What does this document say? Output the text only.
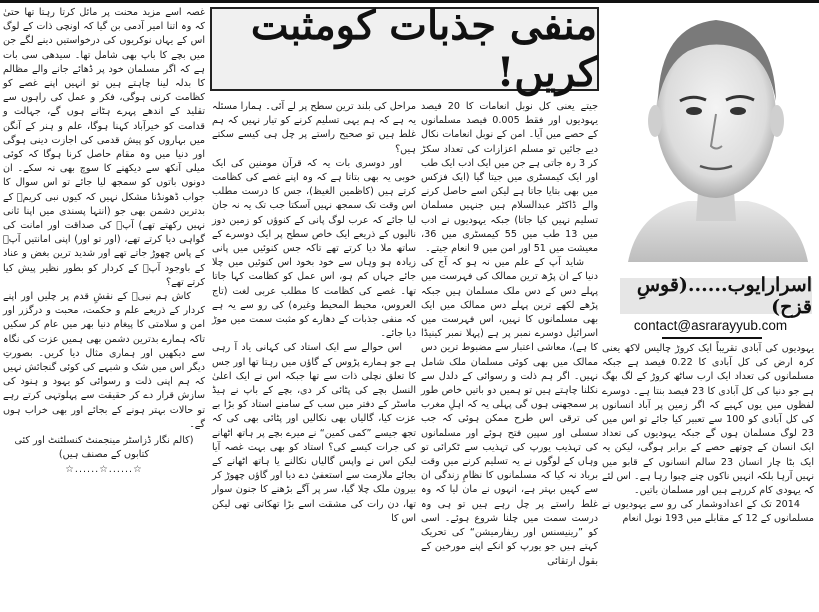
اسرارایوب......(قوسِ قزح)
contact@asrarayyub.com
منفی جذبات کومثبت کریں!

یہودیوں کی آبادی تقریباً ایک کروڑ چالیس لاکھ یعنی کرہ ارض کی کل آبادی کا 0.22 فیصد ہے جبکہ مسلمانوں کی تعداد ایک ارب ساٹھ کروڑ کے لگ بھگ ہے جو دنیا کی کل آبادی کا 23 فیصد بنتا ہے۔ دوسرے لفظوں میں یوں کہیے کہ اگر زمین پر آباد انسانوں کی کل آبادی کو 100 سے تعبیر کیا جائے تو اس میں 23 لوگ مسلمان ہوں گے جبکہ یہودیوں کی تعداد ایک انسان کے چوتھے حصے کے برابر ہوگی، لیکن یہ ایک بٹا چار انسان 23 سالم انسانوں کے قابو میں نہیں آرہا بلکہ انہیں ناکوں چنے چبوا رہا ہے۔ اس لئے کہ یہودی کام کررہے ہیں اور مسلمان باتیں۔

2014 تک کے اعدادوشمار کی رو سے یہودیوں نے مسلمانوں کے 12 کے مقابلے میں 193 نوبل انعام

جیتے یعنی کل نوبل انعامات کا 20 فیصد یہودیوں اور فقط 0.005 فیصد مسلمانوں کے حصے میں آیا۔ امن کے نوبل انعامات نکال دیے جائیں تو مسلم اعزازات کی تعداد سکڑ کر 3 رہ جاتی ہے جن میں ایک ادب ایک طب اور ایک کیمسٹری میں جیتا گیا (ایک فزکس میں بھی بتایا جاتا ہے لیکن اسے حاصل کرنے والے ڈاکٹر عبدالسلام ہیں جنہیں مسلمان تسلیم نہیں کیا جاتا) جبکہ یہودیوں نے ادب میں 13 طب میں 55 کیمسٹری میں 36، معیشت میں 51 اور امن میں 9 انعام جیتے۔

شاید آپ کے علم میں نہ ہو کہ آج کی دنیا کے ان پڑھ ترین ممالک کی فہرست میں پہلے دس کے دس ملک مسلمان ہیں جبکہ پڑھے لکھے ترین پہلے دس ممالک میں ایک بھی مسلمانوں کا نہیں، اس فہرست میں اسرائیل دوسرے نمبر پر ہے (پہلا نمبر کینیڈا کا ہے)، معاشی اعتبار سے مضبوط ترین دس ممالک میں بھی کوئی مسلمان ملک شامل نہیں۔ اگر ہم ذلت و رسوائی کے دلدل سے نکلنا چاہتے ہیں تو ہمیں دو باتیں خاص طور پر سمجھنی ہوں گی پہلی یہ کہ اہلِ مغرب کی ترقی اس طرح ممکن ہوئی کہ جب سسلی اور سپین فتح ہوئے اور مسلمانوں کی تہذیب یورپ کی تہذیب سے ٹکرائی تو وہاں کے لوگوں نے یہ تسلیم کرنے میں وقت برباد نہ کیا کہ مسلمانوں کا نظامِ زندگی ان سے کہیں بہتر ہے، انہوں نے مان لیا کہ وہ غلط راستے پر چل رہے ہیں تو ہی وہ درست سمت میں چلنا شروع ہوئے۔ اسی کو ”رینیسنس اور ریفارمیشن“ کی تحریک کہتے ہیں جو یورپ کو انکے اپنے مورخین کے بقول ارتقائی

مراحل کی بلند ترین سطح پر لے آئی۔ ہمارا مسئلہ یہ ہے کہ ہم یہی تسلیم کرنے کو تیار نہیں کہ ہم غلط ہیں تو صحیح راستے پر چل ہی کیسے سکتے ہیں؟

اور دوسری بات یہ کہ قرآن مومنین کی ایک خوبی یہ بھی بتاتا ہے کہ وہ اپنے غصے کی کظامت کرتے ہیں (کاظمین الغیظ)، جس کا درست مطلب اس وقت تک سمجھ نہیں آسکتا جب تک یہ نہ جان لیا جائے کہ عرب لوگ پانی کے کنوؤں کو زمین دوز نالیوں کے ذریعے ایک خاص سطح پر ایک دوسرے کے ساتھ ملا دیا کرتے تھے تاکہ جس کنوئیں میں پانی زیادہ ہو وہاں سے خود بخود اس کنوئیں میں چلا جائے جہاں کم ہو، اس عمل کو کظامت کہا جاتا تھا۔ غصے کی کظامت کا مطلب عربی لغت (تاج العروس، محیط المحیط وغیرہ) کی رو سے یہ ہے کہ منفی جذبات کے دھارے کو مثبت سمت میں موڑ دیا جائے۔

اس حوالے سے ایک استاد کی کہانی یاد آ رہی ہے جو ہمارے پڑوس کے گاؤں میں رہتا تھا اور جس کا تعلق نچلی ذات سے تھا جبکہ اس نے ایک اعلیٰ النسل بچے کی پٹائی کر دی، بچے کے باپ نے ہیڈ ماسٹر کے دفتر میں سب کے سامنے استاد کو بڑا بے عزت کیا، گالیاں بھی نکالیں اور پٹائی بھی کی کہ تجھ جیسے ”کمی کمین“ نے میرے بچے پر ہاتھ اٹھانے کی جرات کیسے کی؟ استاد کو بھی بہت غصہ آیا لیکن اس نے واپس گالیاں نکالنے یا ہاتھ اٹھانے کے بجائے ملازمت سے استعفیٰ دے دیا اور گاؤں چھوڑ کر بیرون ملک چلا گیا، سر پر آگے بڑھنے کا جنون سوار تھا، دن رات کی مشقت اسے بڑا تھکاتی تھی لیکن اس کا

غصہ اسے مزید محنت پر مائل کرتا رہتا تھا حتیٰ کہ وہ اتنا امیر آدمی بن گیا کہ اونچی ذات کے لوگ اس کے یہاں نوکریوں کی درخواستیں دینے لگے جن میں بچے کا باپ بھی شامل تھا۔ سیدھی سی بات ہے کہ اگر مسلمان خود پر ڈھائے جانے والے مظالم کا بدلہ لینا چاہتے ہیں تو انہیں اپنے غصے کو کظامت کرنی ہوگی، فکر و عمل کی راہوں سے تقلید کے اندھے پہرے ہٹانے ہوں گے، جہالت و قدامت کو خیرآباد کہنا ہوگا، علم و ہنر کے آنگن میں بہاروں کو پیش قدمی کی اجازت دینی ہوگی اور دنیا میں وہ مقام حاصل کرنا ہوگا کہ کوئی میلی آنکھ سے دیکھنے کا سوچ بھی نہ سکے۔ ان دونوں باتوں کو سمجھ لیا جائے تو اس سوال کا جواب ڈھونڈنا مشکل نہیں کہ کیوں نبی کریمؐ کے بدترین دشمن بھی جو (انتہا پسندی میں اپنا ثانی نہیں رکھتے تھے) آپؐ کی صداقت اور امانت کی گواہی دیا کرتے تھے، (اور تو اور) اپنی امانتیں آپؐ کے پاس چھوڑ جاتے تھے اور شدید ترین بغض و عناد کے باوجود آپؐ کے کردار کو بطور نظیر پیش کیا کرتے تھے؟

کاش ہم نبیؐ کے نقشِ قدم پر چلیں اور اپنے کردار کے ذریعے علم و حکمت، محبت و درگزر اور امن و سلامتی کا پیغام دنیا بھر میں عام کر سکیں تاکہ ہمارے بدترین دشمن بھی ہمیں عزت کی نگاہ سے دیکھیں اور ہماری مثال دیا کریں۔ بصورتِ دیگر اس میں شک و شبہے کی کوئی گنجائش نہیں کہ ہم اپنی ذلت و رسوائی کو یہود و ہنود کی سازش قرار دے کر حقیقت سے پہلوتہی کرتے رہے تو حالات بہتر ہونے کے بجائے اور بھی خراب ہوں گے۔

(کالم نگار ڈزاسٹر مینجمنٹ کنسلٹنٹ اور کئی کتابوں کے مصنف ہیں)

☆......☆......☆
